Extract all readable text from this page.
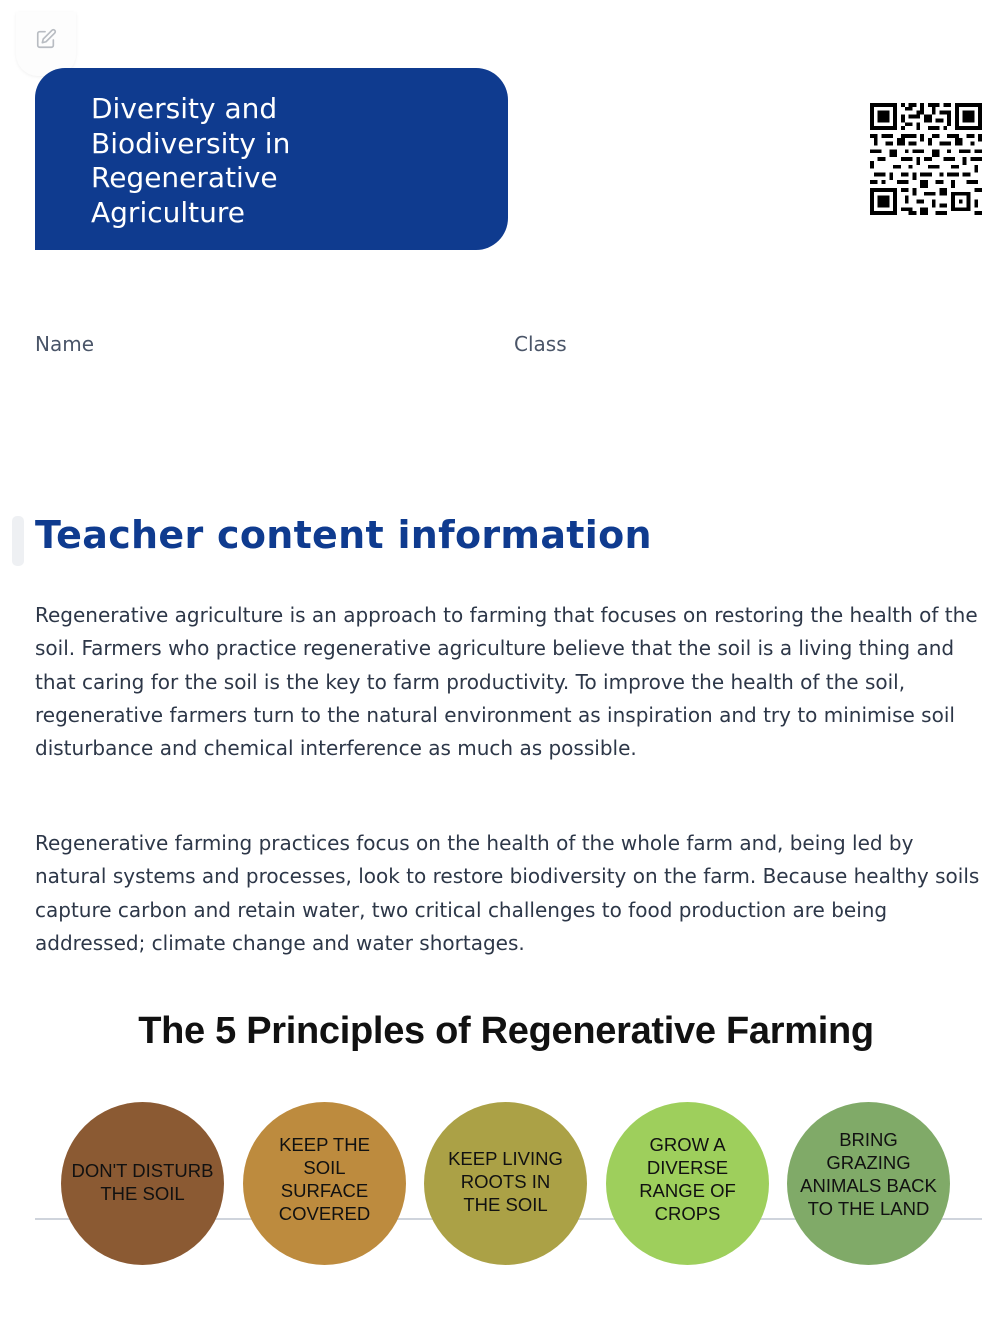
Diversity and Biodiversity in Regenerative Agriculture
Name	Class
Teacher content information

Regenerative agriculture is an approach to farming that focuses on restoring the health of the soil. Farmers who practice regenerative agriculture believe that the soil is a living thing and that caring for the soil is the key to farm productivity. To improve the health of the soil, regenerative farmers turn to the natural environment as inspiration and try to minimise soil disturbance and chemical interference as much as possible.

Regenerative farming practices focus on the health of the whole farm and, being led by natural systems and processes, look to restore biodiversity on the farm. Because healthy soils capture carbon and retain water, two critical challenges to food production are being addressed; climate change and water shortages.

The 5 Principles of Regenerative Farming
DON'T DISTURB THE SOIL
KEEP THE SOIL SURFACE COVERED
KEEP LIVING ROOTS IN THE SOIL
GROW A DIVERSE RANGE OF CROPS
BRING GRAZING ANIMALS BACK TO THE LAND
